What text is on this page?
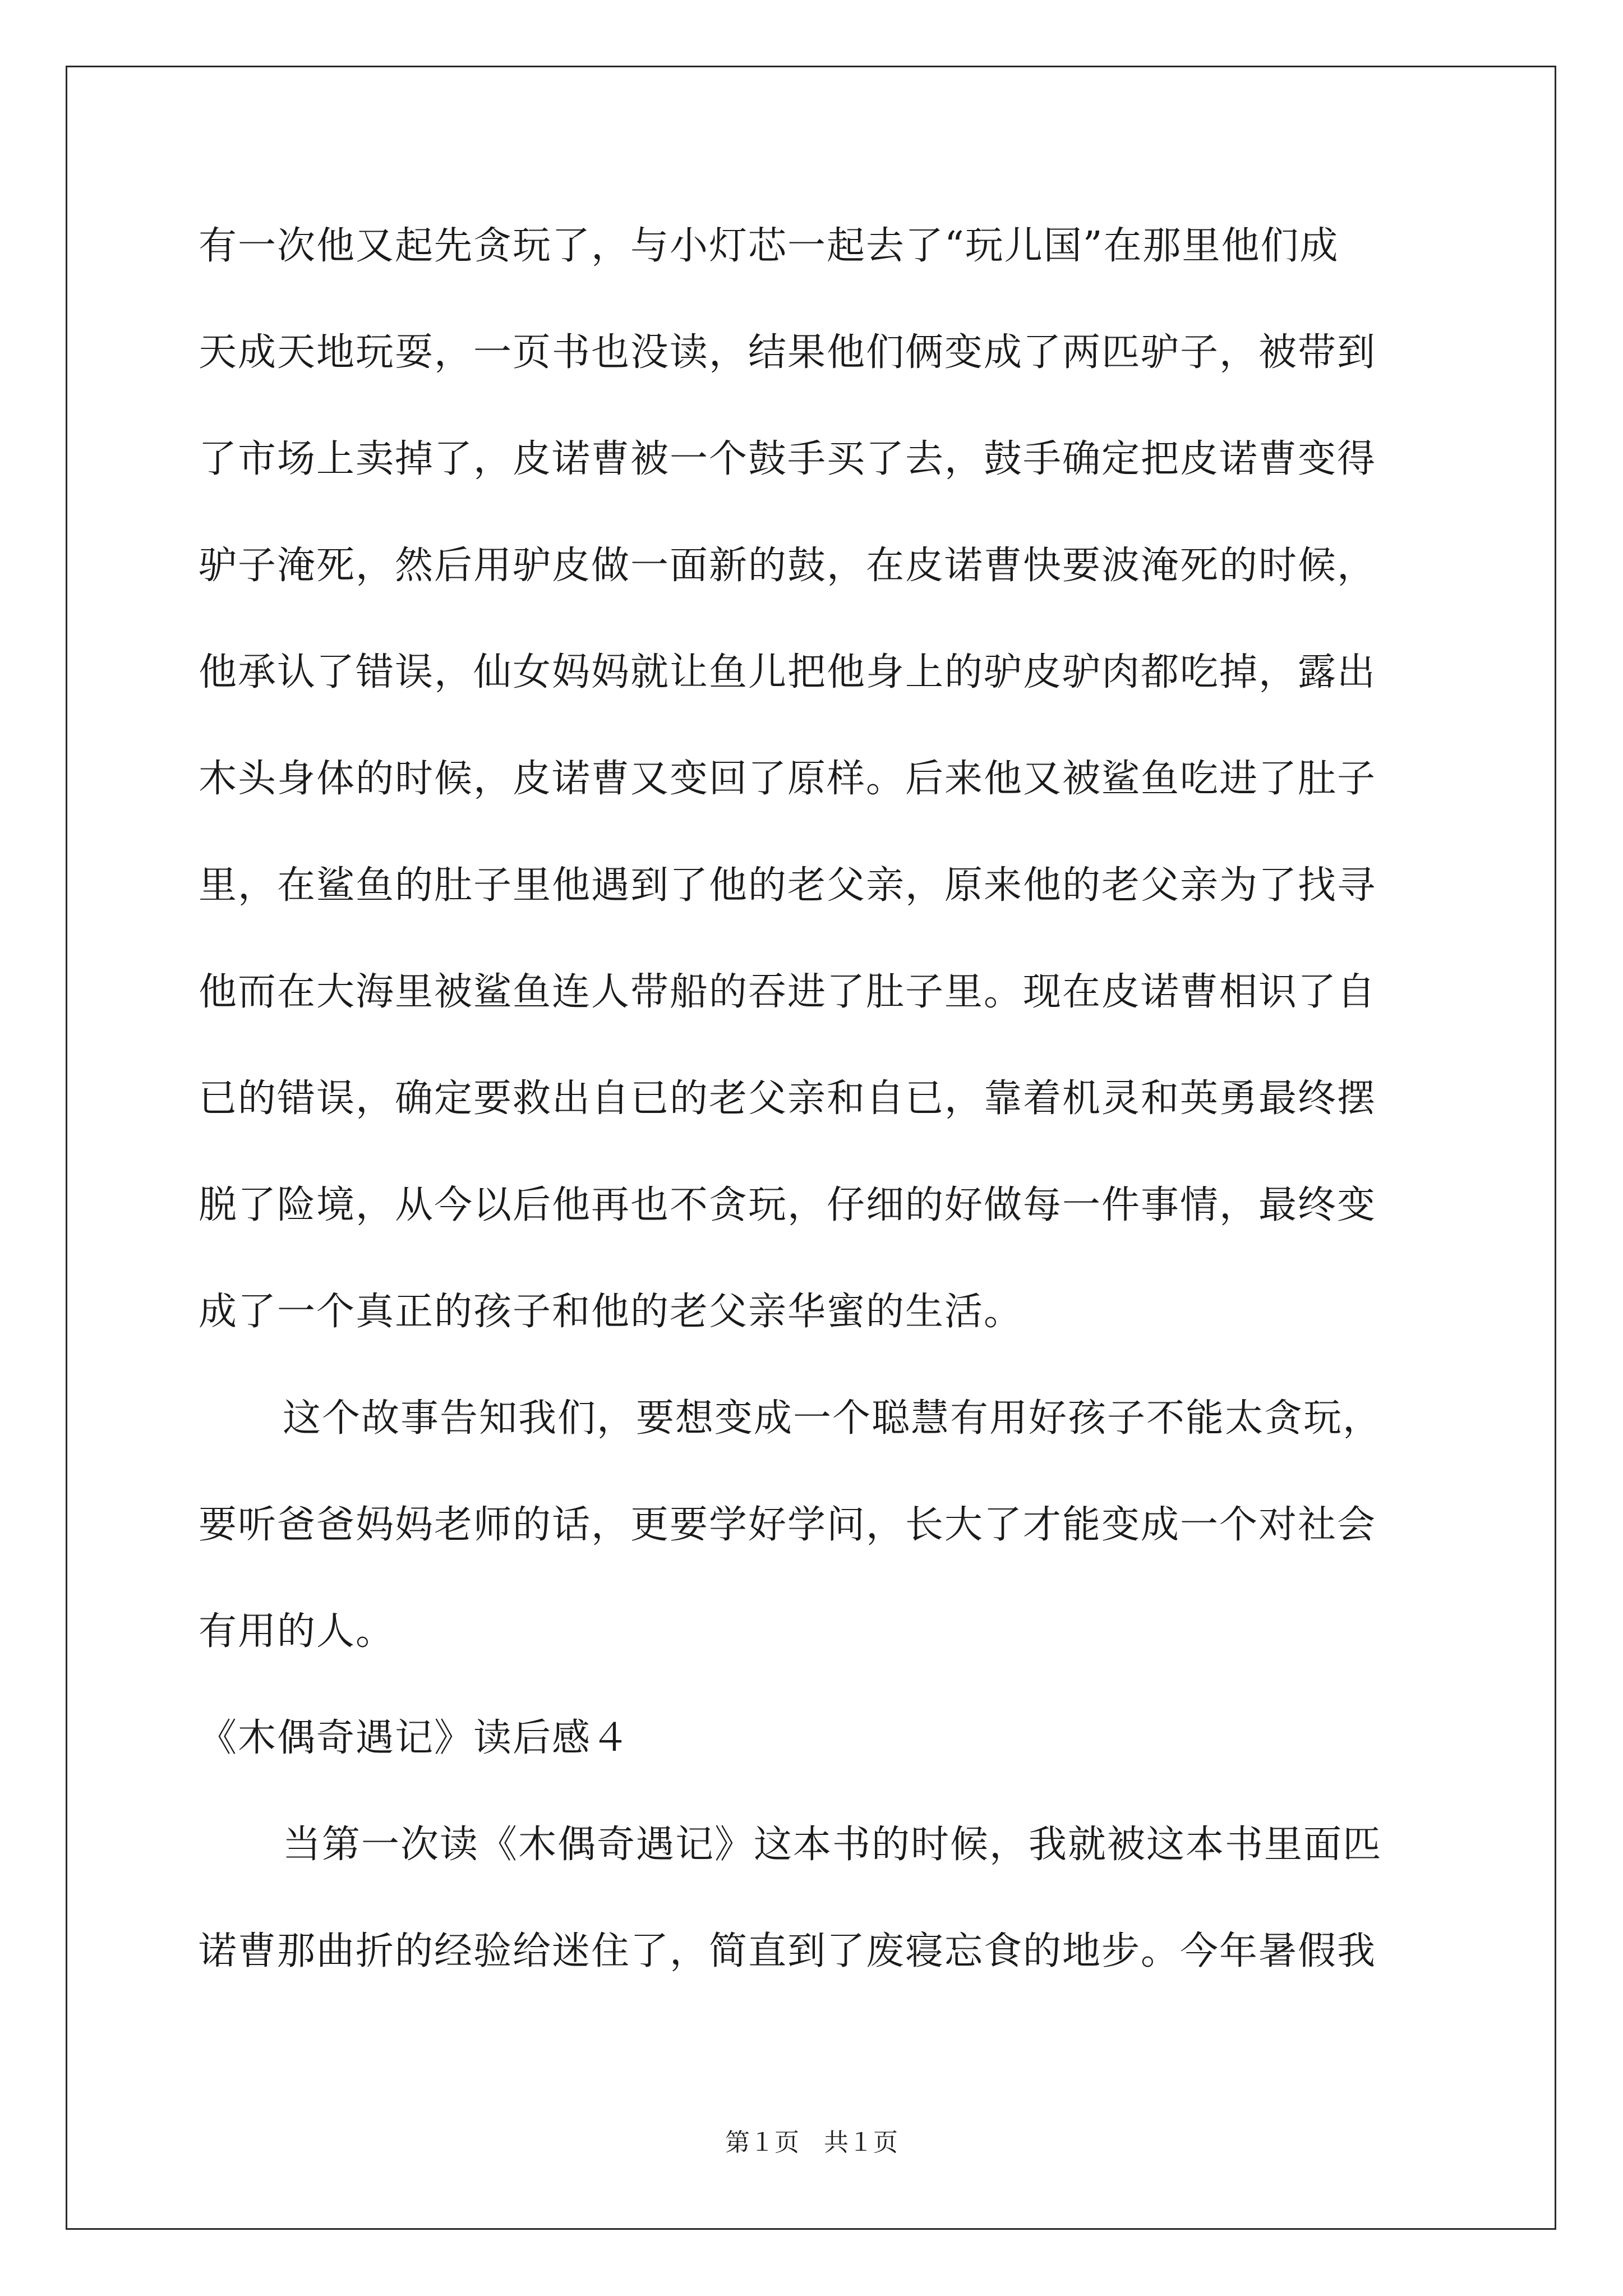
有一次他又起先贪玩了，与小灯芯一起去了“玩儿国”在那里他们成
天成天地玩耍，一页书也没读，结果他们俩变成了两匹驴子，被带到
了市场上卖掉了，皮诺曹被一个鼓手买了去，鼓手确定把皮诺曹变得
驴子淹死，然后用驴皮做一面新的鼓，在皮诺曹快要波淹死的时候，
他承认了错误，仙女妈妈就让鱼儿把他身上的驴皮驴肉都吃掉，露出
木头身体的时候，皮诺曹又变回了原样。后来他又被鲨鱼吃进了肚子
里，在鲨鱼的肚子里他遇到了他的老父亲，原来他的老父亲为了找寻
他而在大海里被鲨鱼连人带船的吞进了肚子里。现在皮诺曹相识了自
已的错误，确定要救出自已的老父亲和自已，靠着机灵和英勇最终摆
脱了险境，从今以后他再也不贪玩，仔细的好做每一件事情，最终变
成了一个真正的孩子和他的老父亲华蜜的生活。
这个故事告知我们，要想变成一个聪慧有用好孩子不能太贪玩，
要听爸爸妈妈老师的话，更要学好学问，长大了才能变成一个对社会
有用的人。
《木偶奇遇记》读后感４
当第一次读《木偶奇遇记》这本书的时候，我就被这本书里面匹
诺曹那曲折的经验给迷住了，简直到了废寝忘食的地步。今年暑假我
第１页　共１页
